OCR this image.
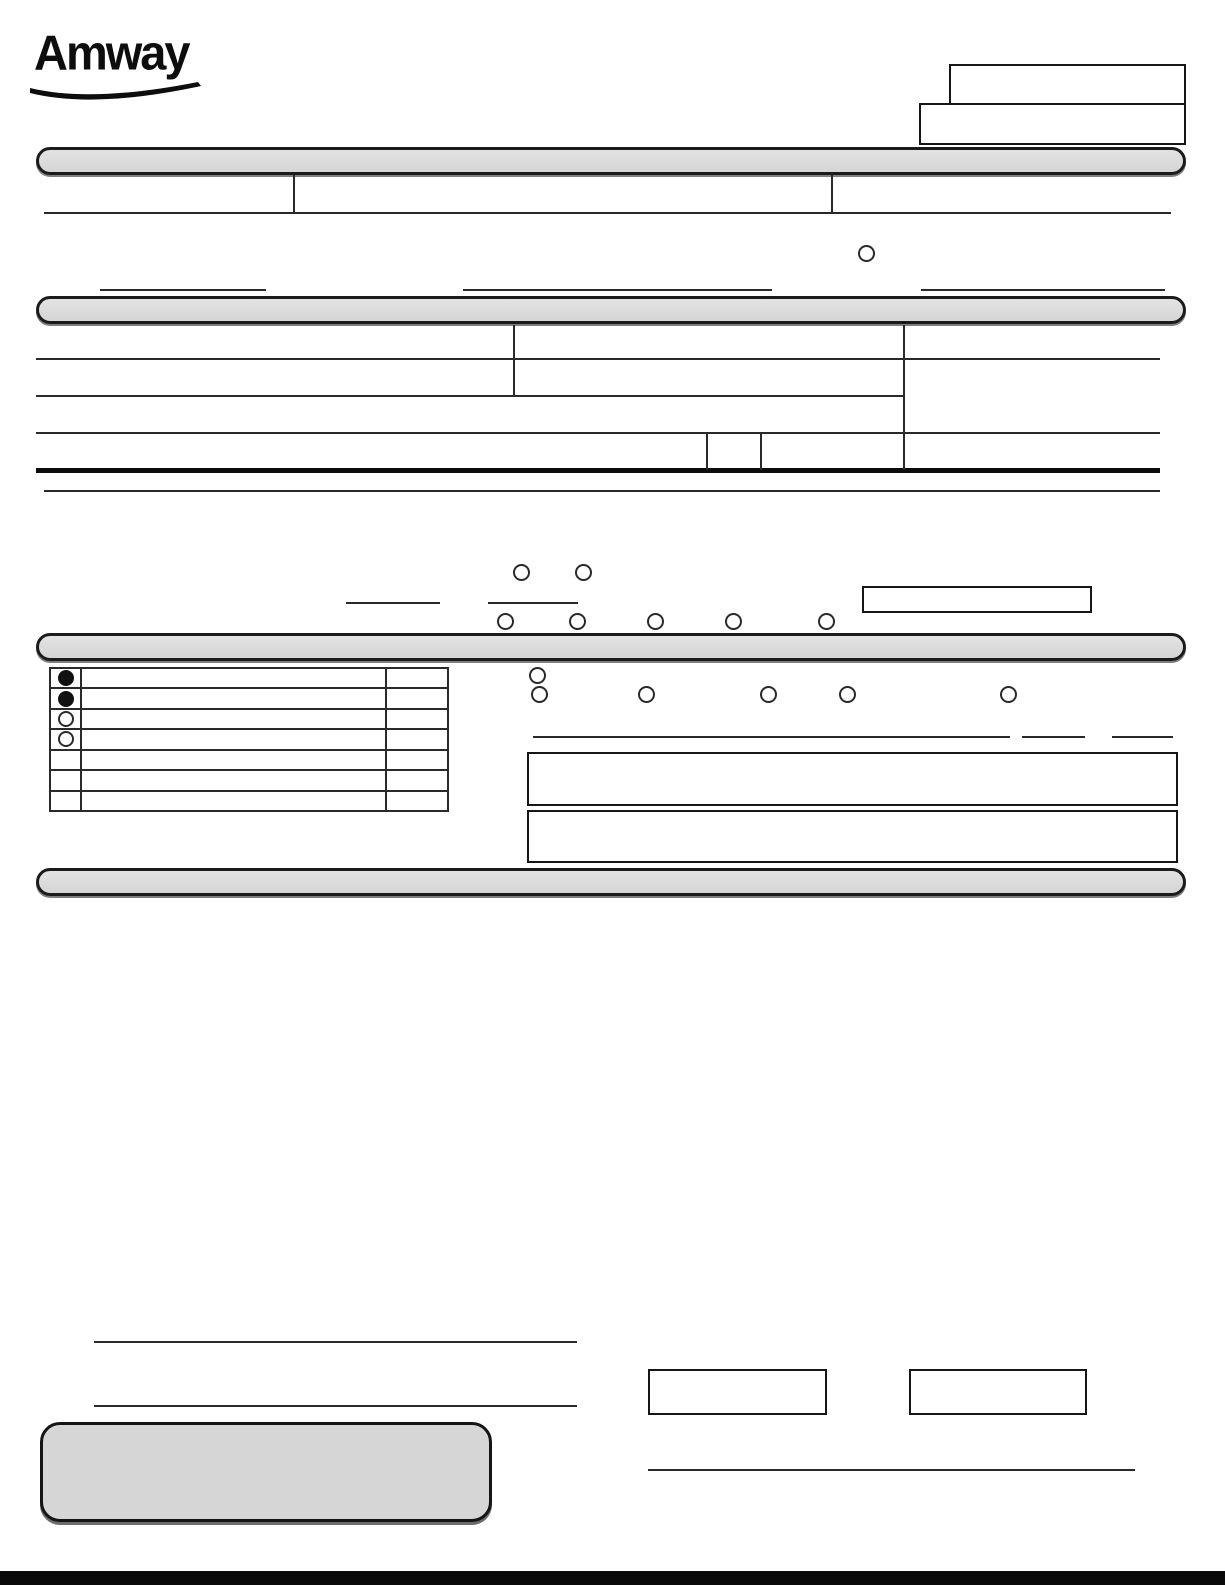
Amway
